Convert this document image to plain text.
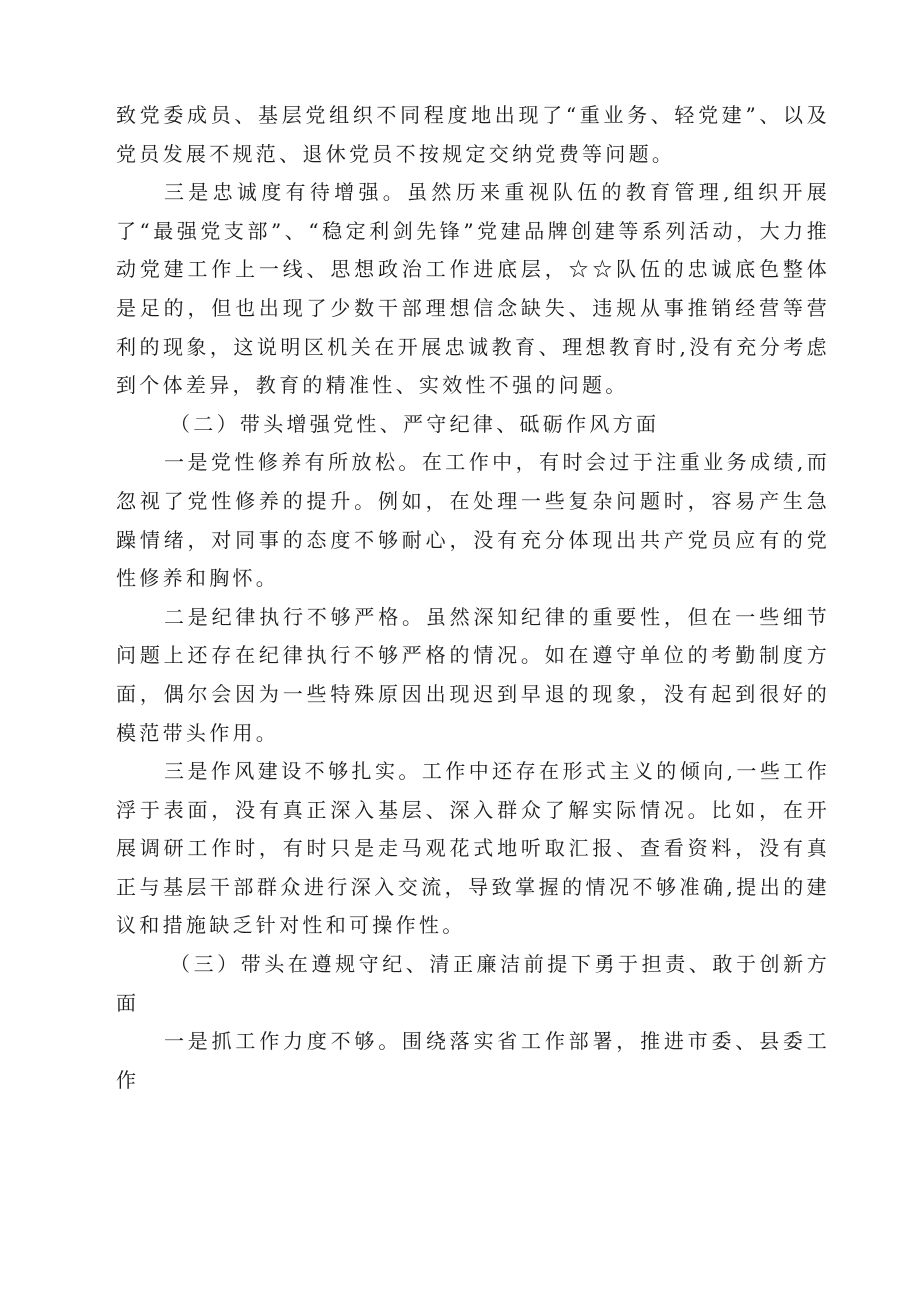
致党委成员、基层党组织不同程度地出现了“重业务、轻党建”、以及党员发展不规范、退休党员不按规定交纳党费等问题。

三是忠诚度有待增强。虽然历来重视队伍的教育管理,组织开展了“最强党支部”、“稳定利剑先锋”党建品牌创建等系列活动，大力推动党建工作上一线、思想政治工作进底层，☆☆队伍的忠诚底色整体是足的，但也出现了少数干部理想信念缺失、违规从事推销经营等营利的现象，这说明区机关在开展忠诚教育、理想教育时,没有充分考虑到个体差异，教育的精准性、实效性不强的问题。

（二）带头增强党性、严守纪律、砥砺作风方面

一是党性修养有所放松。在工作中，有时会过于注重业务成绩,而忽视了党性修养的提升。例如，在处理一些复杂问题时，容易产生急躁情绪，对同事的态度不够耐心，没有充分体现出共产党员应有的党性修养和胸怀。

二是纪律执行不够严格。虽然深知纪律的重要性，但在一些细节问题上还存在纪律执行不够严格的情况。如在遵守单位的考勤制度方面，偶尔会因为一些特殊原因出现迟到早退的现象，没有起到很好的模范带头作用。

三是作风建设不够扎实。工作中还存在形式主义的倾向,一些工作浮于表面，没有真正深入基层、深入群众了解实际情况。比如，在开展调研工作时，有时只是走马观花式地听取汇报、查看资料，没有真正与基层干部群众进行深入交流，导致掌握的情况不够准确,提出的建议和措施缺乏针对性和可操作性。

（三）带头在遵规守纪、清正廉洁前提下勇于担责、敢于创新方面

一是抓工作力度不够。围绕落实省工作部署，推进市委、县委工作
